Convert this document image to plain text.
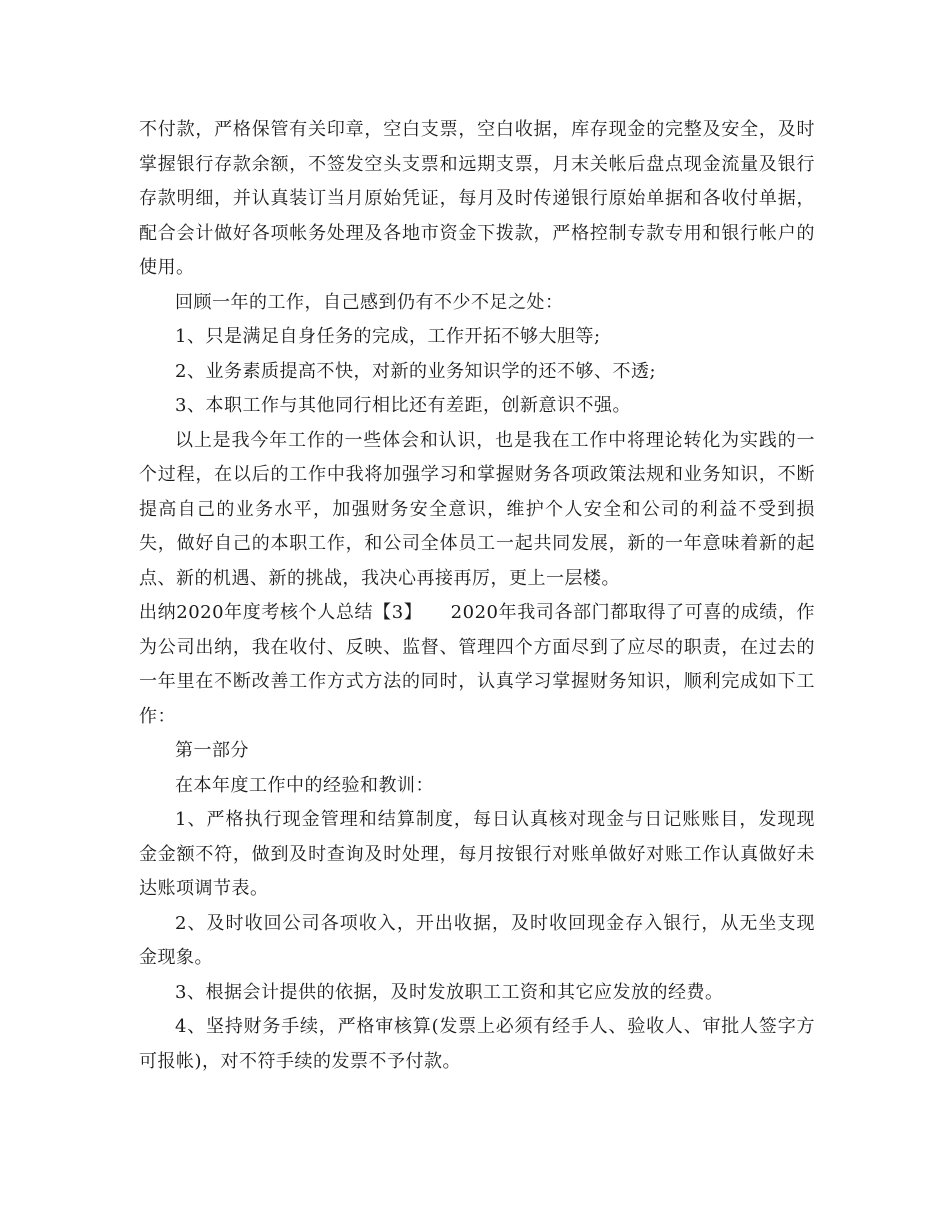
不付款，严格保管有关印章，空白支票，空白收据，库存现金的完整及安全，及时掌握银行存款余额，不签发空头支票和远期支票，月末关帐后盘点现金流量及银行存款明细，并认真装订当月原始凭证，每月及时传递银行原始单据和各收付单据，配合会计做好各项帐务处理及各地市资金下拨款，严格控制专款专用和银行帐户的使用。

回顾一年的工作，自己感到仍有不少不足之处：

1、只是满足自身任务的完成，工作开拓不够大胆等;

2、业务素质提高不快，对新的业务知识学的还不够、不透;

3、本职工作与其他同行相比还有差距，创新意识不强。

以上是我今年工作的一些体会和认识，也是我在工作中将理论转化为实践的一个过程，在以后的工作中我将加强学习和掌握财务各项政策法规和业务知识，不断提高自己的业务水平，加强财务安全意识，维护个人安全和公司的利益不受到损失，做好自己的本职工作，和公司全体员工一起共同发展，新的一年意味着新的起点、新的机遇、新的挑战，我决心再接再厉，更上一层楼。

出纳2020年度考核个人总结【3】　　2020年我司各部门都取得了可喜的成绩，作为公司出纳，我在收付、反映、监督、管理四个方面尽到了应尽的职责，在过去的一年里在不断改善工作方式方法的同时，认真学习掌握财务知识，顺利完成如下工作：

第一部分

在本年度工作中的经验和教训：

1、严格执行现金管理和结算制度，每日认真核对现金与日记账账目，发现现金金额不符，做到及时查询及时处理，每月按银行对账单做好对账工作认真做好未达账项调节表。

2、及时收回公司各项收入，开出收据，及时收回现金存入银行，从无坐支现金现象。

3、根据会计提供的依据，及时发放职工工资和其它应发放的经费。

4、坚持财务手续，严格审核算(发票上必须有经手人、验收人、审批人签字方可报帐)，对不符手续的发票不予付款。
